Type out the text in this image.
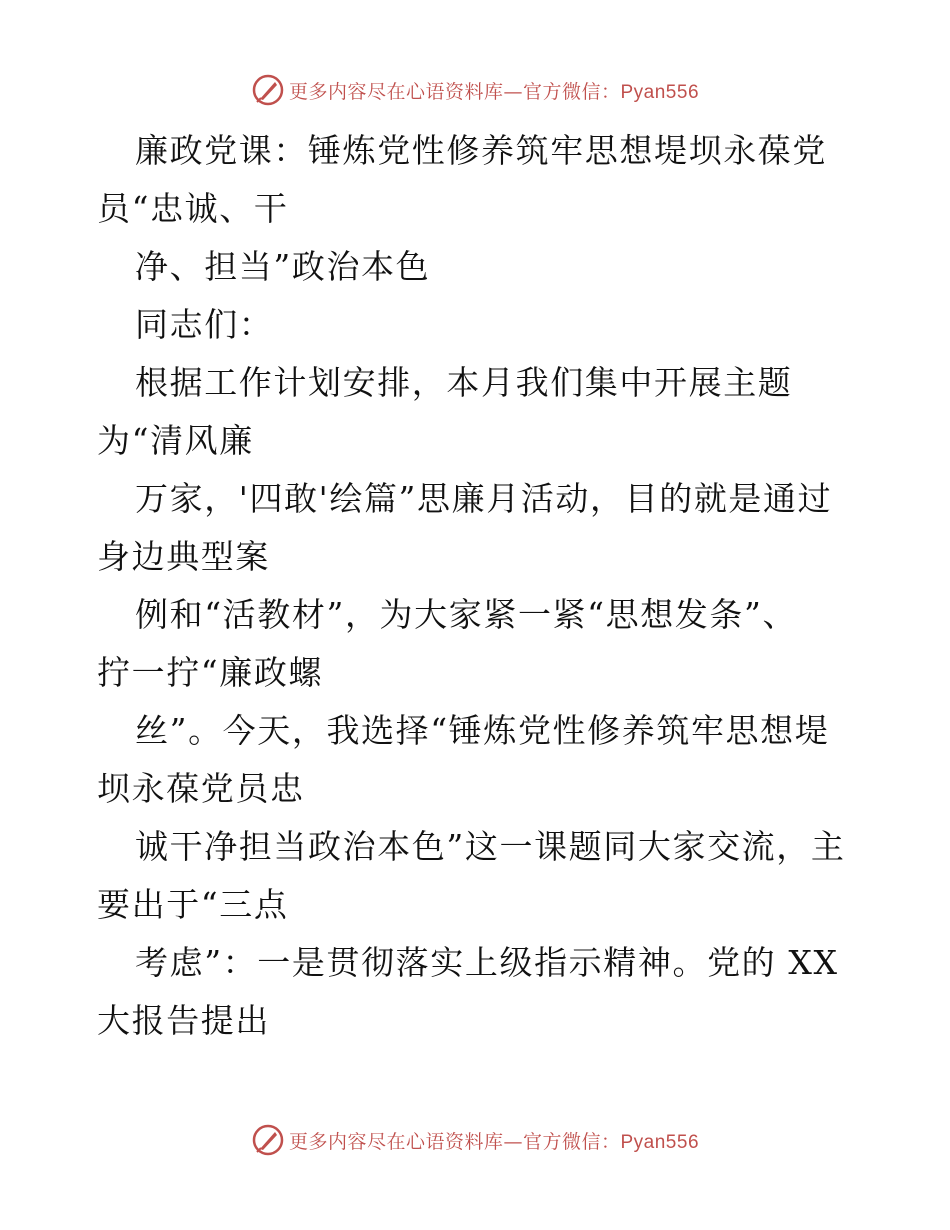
更多内容尽在心语资料库—官方微信：Pyan556
廉政党课：锤炼党性修养筑牢思想堤坝永葆党
员“忠诚、干
净、担当”政治本色
同志们：
根据工作计划安排，本月我们集中开展主题
为“清风廉
万家，'四敢'绘篇”思廉月活动，目的就是通过
身边典型案
例和“活教材”，为大家紧一紧“思想发条”、
拧一拧“廉政螺
丝”。今天，我选择“锤炼党性修养筑牢思想堤
坝永葆党员忠
诚干净担当政治本色”这一课题同大家交流，主
要出于“三点
考虑”：一是贯彻落实上级指示精神。党的 XX
大报告提出
更多内容尽在心语资料库—官方微信：Pyan556
